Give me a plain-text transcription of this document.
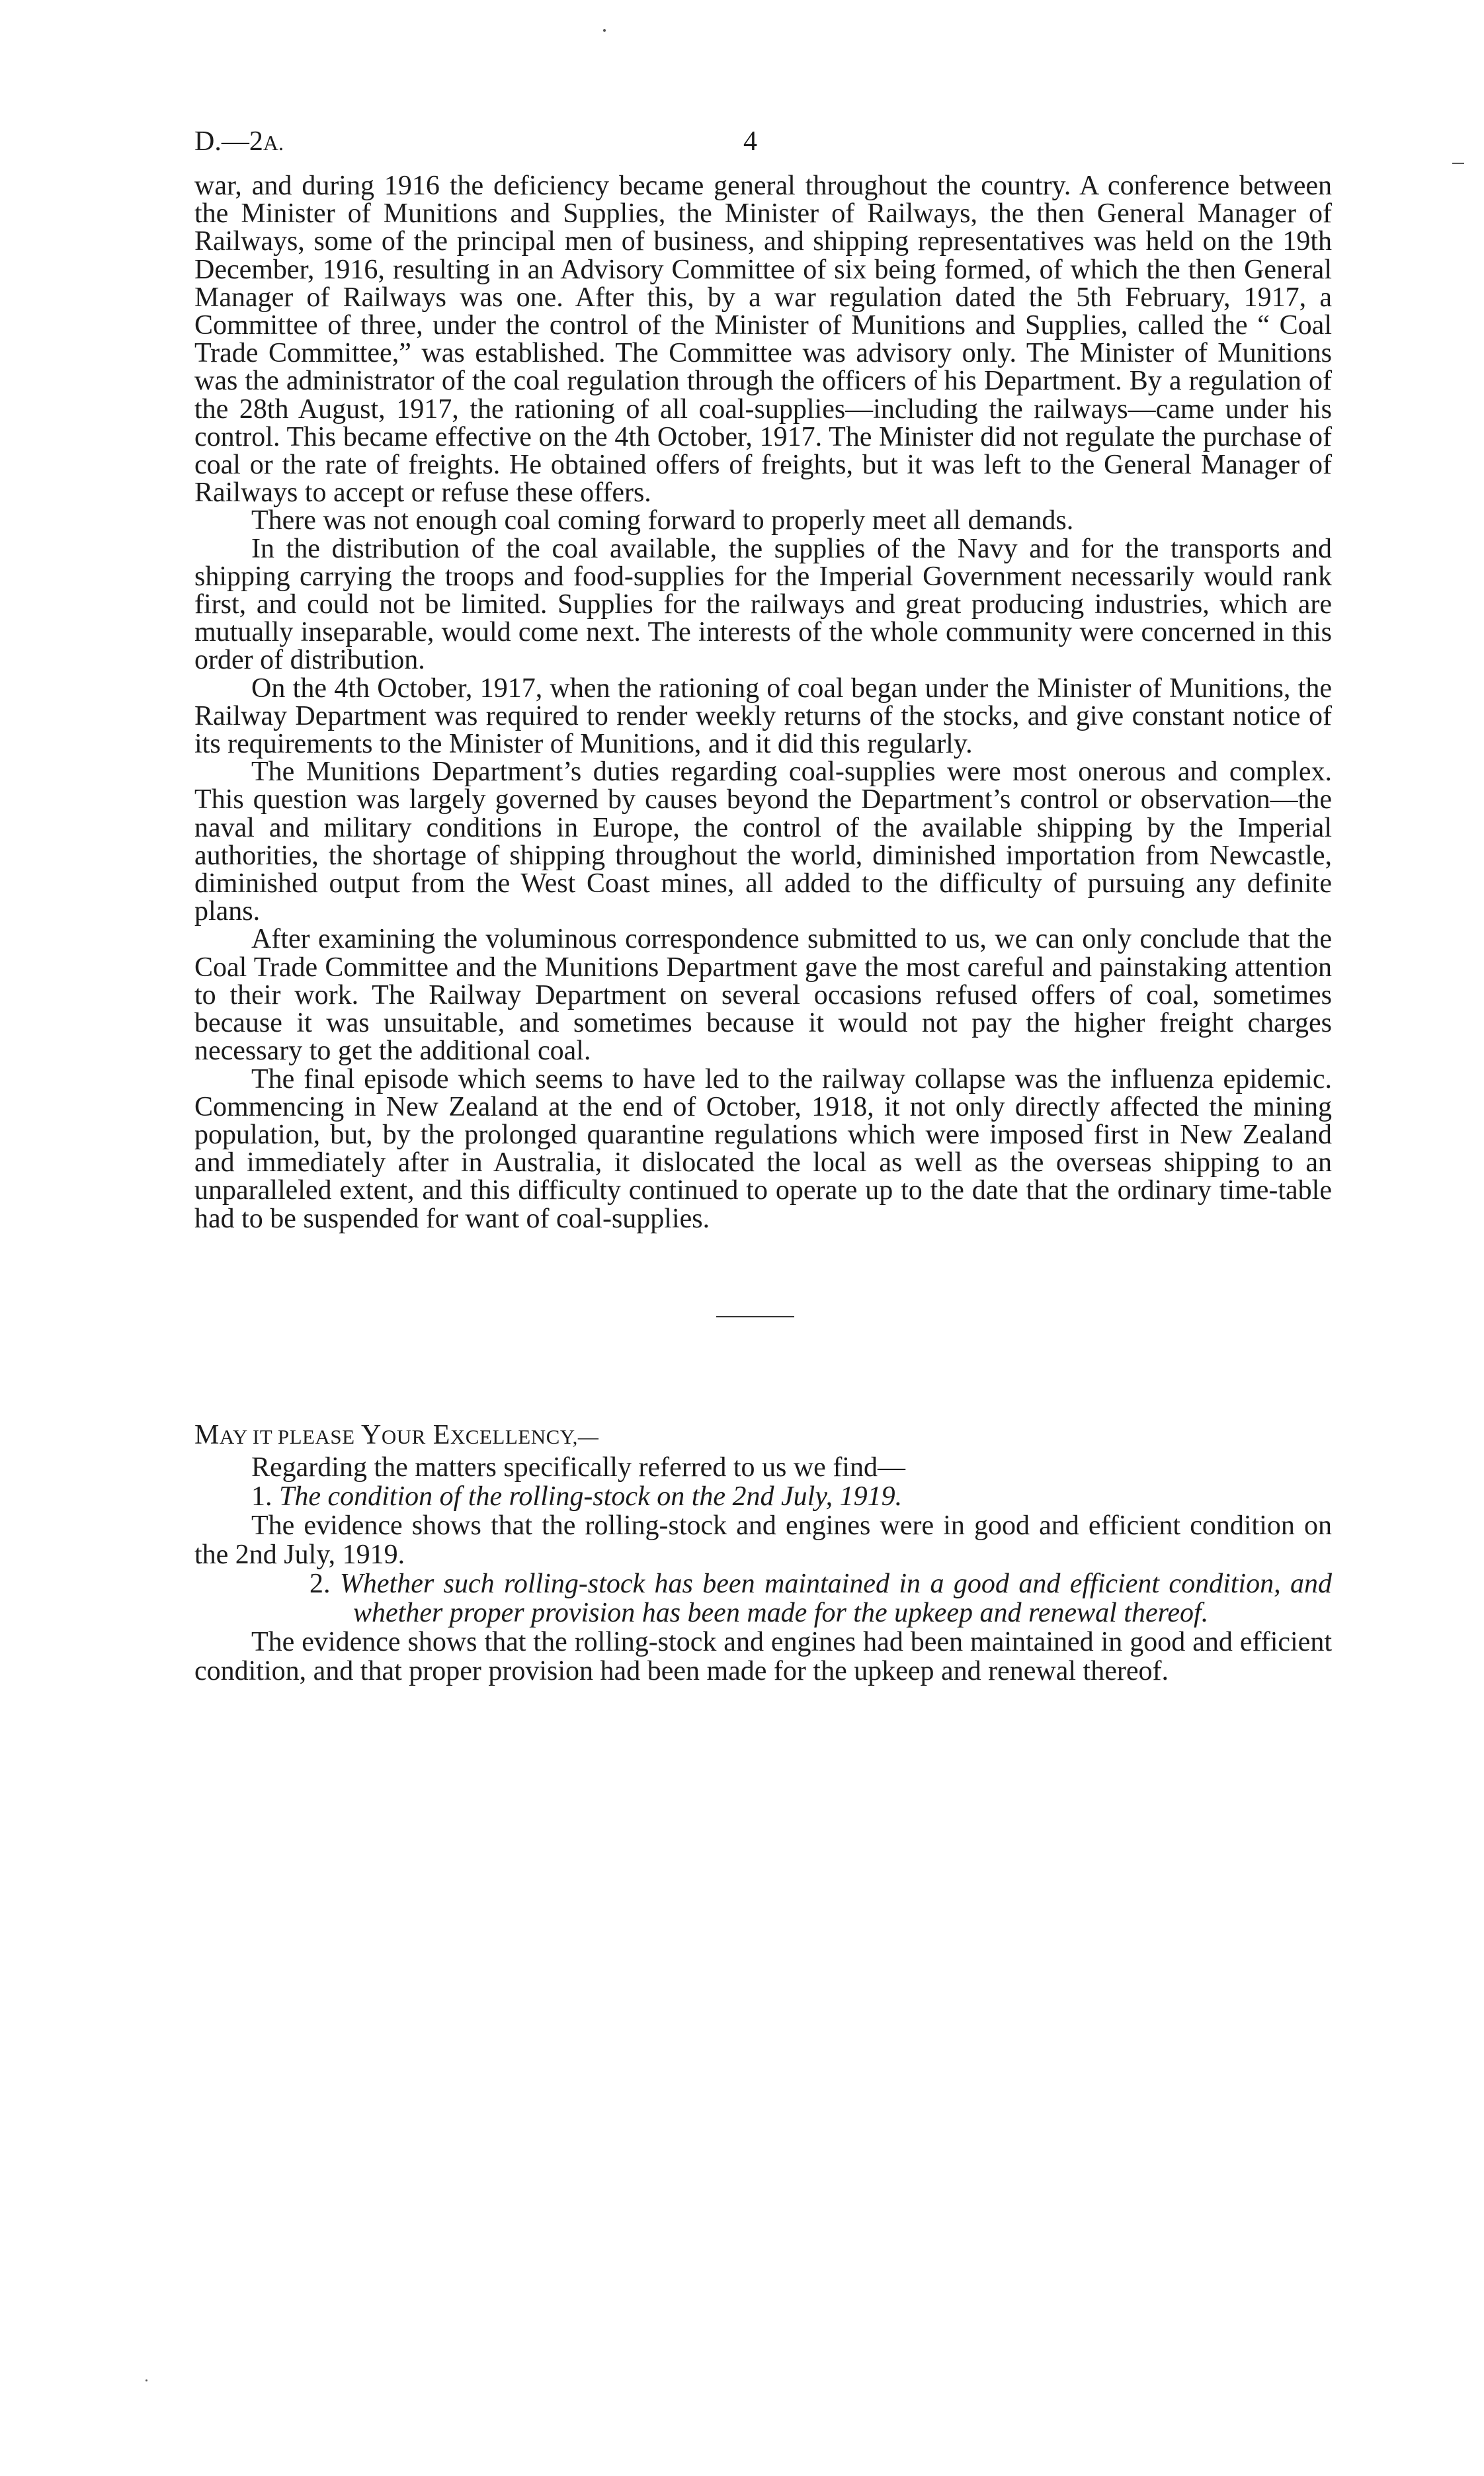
D.—2A.	4

war, and during 1916 the deficiency became general throughout the country. A conference between the Minister of Munitions and Supplies, the Minister of Railways, the then General Manager of Railways, some of the principal men of business, and shipping representatives was held on the 19th December, 1916, resulting in an Advisory Committee of six being formed, of which the then General Manager of Railways was one. After this, by a war regulation dated the 5th February, 1917, a Committee of three, under the control of the Minister of Munitions and Supplies, called the “ Coal Trade Committee,” was established. The Committee was advisory only. The Minister of Munitions was the administrator of the coal regulation through the officers of his Department. By a regulation of the 28th August, 1917, the rationing of all coal-supplies—including the railways—came under his control. This became effective on the 4th October, 1917. The Minister did not regulate the purchase of coal or the rate of freights. He obtained offers of freights, but it was left to the General Manager of Railways to accept or refuse these offers.

There was not enough coal coming forward to properly meet all demands.

In the distribution of the coal available, the supplies of the Navy and for the transports and shipping carrying the troops and food-supplies for the Imperial Government necessarily would rank first, and could not be limited. Supplies for the railways and great producing industries, which are mutually inseparable, would come next. The interests of the whole community were concerned in this order of distribution.

On the 4th October, 1917, when the rationing of coal began under the Minister of Munitions, the Railway Department was required to render weekly returns of the stocks, and give constant notice of its requirements to the Minister of Munitions, and it did this regularly.

The Munitions Department’s duties regarding coal-supplies were most onerous and complex. This question was largely governed by causes beyond the Department’s control or observation—the naval and military conditions in Europe, the control of the available shipping by the Imperial authorities, the shortage of shipping throughout the world, diminished importation from Newcastle, diminished output from the West Coast mines, all added to the difficulty of pursuing any definite plans.

After examining the voluminous correspondence submitted to us, we can only conclude that the Coal Trade Committee and the Munitions Department gave the most careful and painstaking attention to their work. The Railway Department on several occasions refused offers of coal, sometimes because it was unsuitable, and sometimes because it would not pay the higher freight charges necessary to get the additional coal.

The final episode which seems to have led to the railway collapse was the influenza epidemic. Commencing in New Zealand at the end of October, 1918, it not only directly affected the mining population, but, by the prolonged quarantine regulations which were imposed first in New Zealand and immediately after in Australia, it dislocated the local as well as the overseas shipping to an unparalleled extent, and this difficulty continued to operate up to the date that the ordinary time-table had to be suspended for want of coal-supplies.

MAY IT PLEASE YOUR EXCELLENCY,—

Regarding the matters specifically referred to us we find—

1. The condition of the rolling-stock on the 2nd July, 1919.

The evidence shows that the rolling-stock and engines were in good and efficient condition on the 2nd July, 1919.

2. Whether such rolling-stock has been maintained in a good and efficient condition, and whether proper provision has been made for the upkeep and renewal thereof.

The evidence shows that the rolling-stock and engines had been maintained in good and efficient condition, and that proper provision had been made for the upkeep and renewal thereof.
